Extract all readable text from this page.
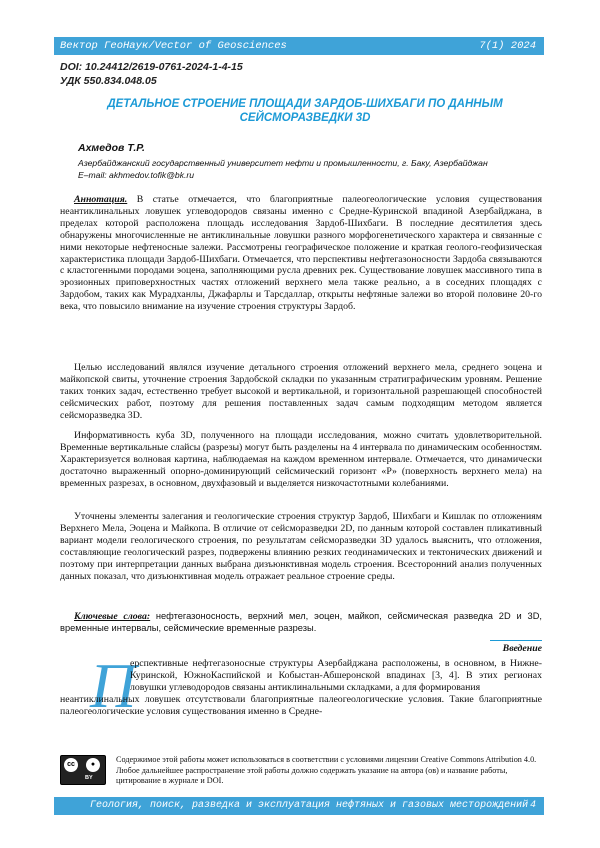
Вектор ГеоНаук/Vector of Geosciences	7(1) 2024
DOI: 10.24412/2619-0761-2024-1-4-15
УДК 550.834.048.05
ДЕТАЛЬНОЕ СТРОЕНИЕ ПЛОЩАДИ ЗАРДОБ-ШИХБАГИ ПО ДАННЫМ СЕЙСМОРАЗВЕДКИ 3D
Ахмедов Т.Р.
Азербайджанский государственный университет нефти и промышленности, г. Баку, Азербайджан
E–mail: akhmedov.tofik@bk.ru

Аннотация. В статье отмечается, что благоприятные палеогеологические условия существования неантиклинальных ловушек углеводородов связаны именно с Средне-Куринской впадиной Азербайджана, в пределах которой расположена площадь исследования Зардоб-Шихбаги. В последние десятилетия здесь обнаружены многочисленные не антиклинальные ловушки разного морфогенетического характера и связанные с ними некоторые нефтеносные залежи. Рассмотрены географическое положение и краткая геолого-геофизическая характеристика площади Зардоб-Шихбаги. Отмечается, что перспективы нефтегазоносности Зардоба связываются с кластогенными породами эоцена, заполняющими русла древних рек. Существование ловушек массивного типа в эрозионных приповерхностных частях отложений верхнего мела также реально, а в соседних площадях с Зардобом, таких как Мурадханлы, Джафарлы и Тарсдаллар, открыты нефтяные залежи во второй половине 20-го века, что повысило внимание на изучение строения структуры Зардоб.

Целью исследований являлся изучение детального строения отложений верхнего мела, среднего эоцена и майкопской свиты, уточнение строения Зардобской складки по указанным стратиграфическим уровням. Решение таких тонких задач, естественно требует высокой и вертикальной, и горизонтальной разрешающей способностей сейсмических работ, поэтому для решения поставленных задач самым подходящим методом является сейсморазведка 3D.

Информативность куба 3D, полученного на площади исследования, можно считать удовлетворительной. Временные вертикальные слайсы (разрезы) могут быть разделены на 4 интервала по динамическим особенностям. Характеризуется волновая картина, наблюдаемая на каждом временном интервале. Отмечается, что динамически достаточно выраженный опорно-доминирующий сейсмический горизонт «Р» (поверхность верхнего мела) на временных разрезах, в основном, двухфазовый и выделяется низкочастотными колебаниями.

Уточнены элементы залегания и геологические строения структур Зардоб, Шихбаги и Кишлак по отложениям Верхнего Мела, Эоцена и Майкопа. В отличие от сейсморазведки 2D, по данным которой составлен пликативный вариант модели геологического строения, по результатам сейсморазведки 3D удалось выяснить, что отложения, составляющие геологический разрез, подвержены влиянию резких геодинамических и тектонических движений и поэтому при интерпретации данных выбрана дизъюнктивная модель строения. Всесторонний анализ полученных данных показал, что дизъюнктивная модель отражает реальное строение среды.

Ключевые слова: нефтегазоносность, верхний мел, эоцен, майкоп, сейсмическая разведка 2D и 3D, временные интервалы, сейсмические временные разрезы.

Введение
П

ерспективные нефтегазоносные структуры Азербайджана расположены, в основном, в Нижне-Куринской, ЮжноКаспийской и Кобыстан-Абшеронской впадинах [3, 4]. В этих регионах ловушки углеводородов связаны антиклинальными складками, а для формирования
неантиклинальных ловушек отсутствовали благоприятные палеогеологические условия. Такие благоприятные палеогеологические условия существования именно в Средне-

cc	●
BY
Содержимое этой работы может использоваться в соответствии с условиями лицензии Creative Commons Attribution 4.0. Любое дальнейшее распространение этой работы должно содержать указание на автора (ов) и название работы, цитирование в журнале и DOI.
Геология, поиск, разведка и эксплуатация нефтяных и газовых месторождений 4
